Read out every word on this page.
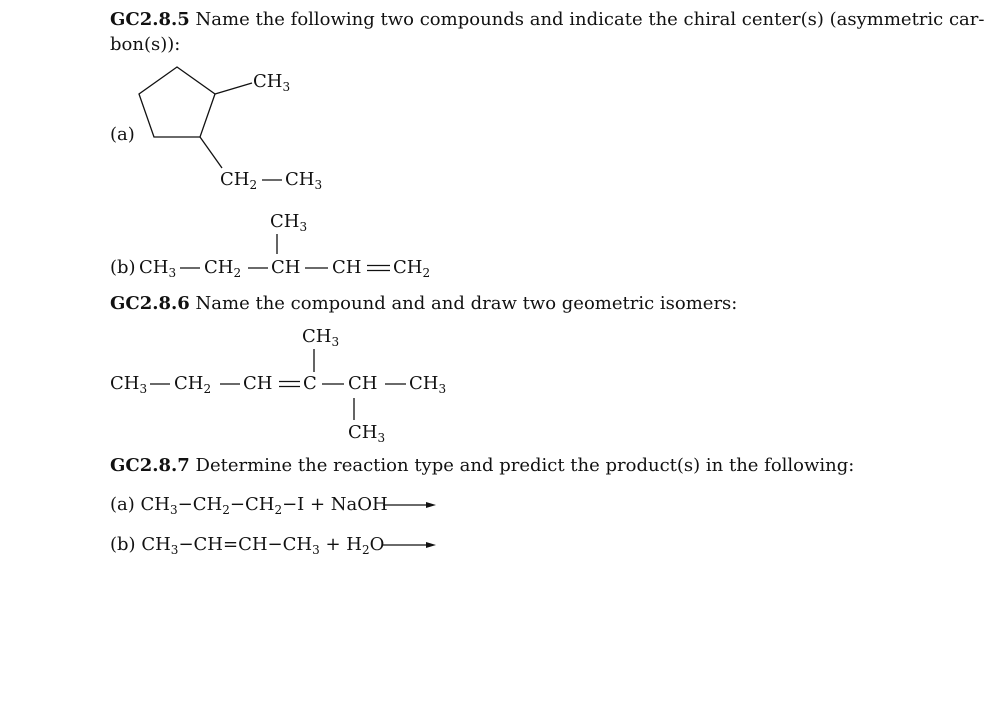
GC2.8.5 Name the following two compounds and indicate the chiral center(s) (asymmetric car-
bon(s)):
(a)
$CH_3$
$CH_2$ $CH_3$
$CH_3$
(b) $CH_3$ $CH_2$ CH CH $CH_2$
GC2.8.6 Name the compound and and draw two geometric isomers:
$CH_3$
$CH_3$ $CH_2$ CH C CH $CH_3$
$CH_3$
GC2.8.7 Determine the reaction type and predict the product(s) in the following:
(a) $CH_3-CH_2-CH_2-I$ + NaOH
(b) $CH_3-CH=CH-CH_3 + H_2O$
